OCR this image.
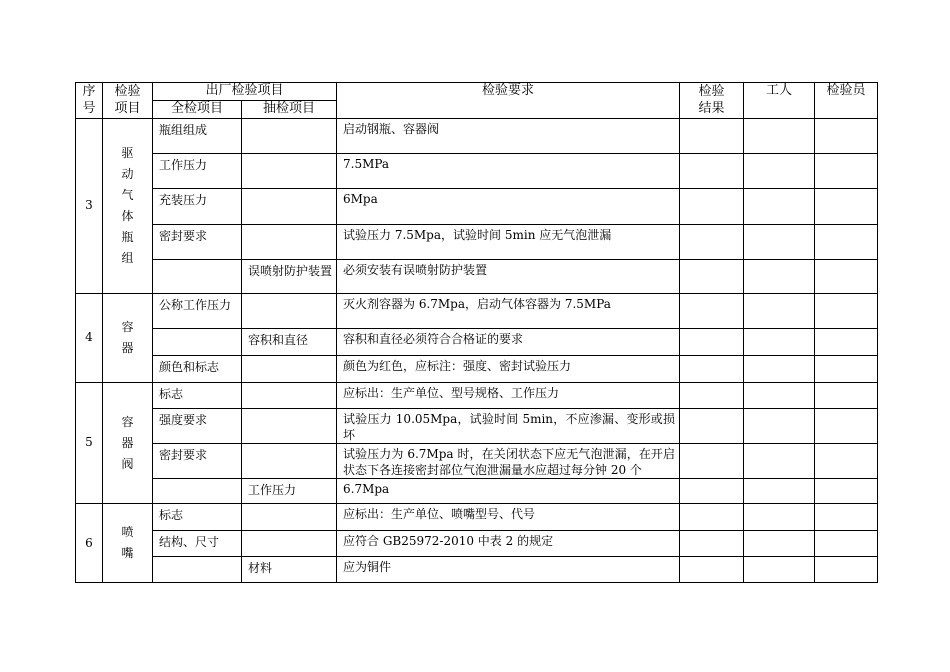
序号	检验项目	出厂检验项目		检验要求	检验结果	工人	检验员
		全检项目	抽检项目				
3	驱动气体瓶组	瓶组组成		启动钢瓶、容器阀			
		工作压力		7.5MPa			
		充装压力		6Mpa			
		密封要求		试验压力 7.5Mpa，试验时间 5min 应无气泡泄漏			
			误喷射防护装置	必须安装有误喷射防护装置			
4	容器	公称工作压力		灭火剂容器为 6.7Mpa，启动气体容器为 7.5MPa			
			容积和直径	容积和直径必须符合合格证的要求			
		颜色和标志		颜色为红色，应标注：强度、密封试验压力			
5	容器阀	标志		应标出：生产单位、型号规格、工作压力			
		强度要求		试验压力 10.05Mpa，试验时间 5min，不应渗漏、变形或损坏			
		密封要求		试验压力为 6.7Mpa 时，在关闭状态下应无气泡泄漏，在开启状态下各连接密封部位气泡泄漏量水应超过每分钟 20 个			
			工作压力	6.7Mpa			
6	喷嘴	标志		应标出：生产单位、喷嘴型号、代号			
		结构、尺寸		应符合 GB25972-2010 中表 2 的规定			
			材料	应为铜件			
